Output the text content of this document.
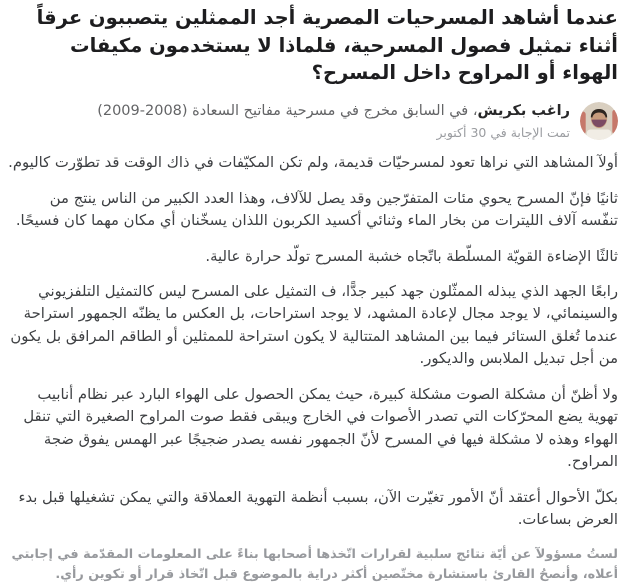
عندما أشاهد المسرحيات المصرية أجد الممثلين يتصببون عرقاً أثناء تمثيل فصول المسرحية، فلماذا لا يستخدمون مكيفات الهواء أو المراوح داخل المسرح؟
راغب بكريش، في السابق مخرج في مسرحية مفاتيح السعادة (2008-2009)
تمت الإجابة في 30 أكتوبر

أولآ المشاهد التي نراها تعود لمسرحيّات قديمة، ولم تكن المكيّفات في ذاك الوقت قد تطوّرت كاليوم.

ثانيًا فإنّ المسرح يحوي مئات المتفرّجين وقد يصل للآلاف، وهذا العدد الكبير من الناس ينتج من تنفّسه آلاف الليترات من بخار الماء وثنائي أكسيد الكربون اللذان يسخّنان أي مكان مهما كان فسيحًا.

ثالثًا الإضاءة القويّة المسلّطة باتّجاه خشبة المسرح تولّد حرارة عالية.

رابعًا الجهد الذي يبذله الممثّلون جهد كبير جدًّا، ف التمثيل على المسرح ليس كالتمثيل التلفزيوني والسينمائي، لا يوجد مجال لإعادة المشهد، لا يوجد استراحات، بل العكس ما يظنّه الجمهور استراحة عندما تُغلق الستائر فيما بين المشاهد المتتالية لا يكون استراحة للممثلين أو الطاقم المرافق بل يكون من أجل تبديل الملابس والديكور.

ولا أظنّ أن مشكلة الصوت مشكلة كبيرة، حيث يمكن الحصول على الهواء البارد عبر نظام أنابيب تهوية يضع المحرّكات التي تصدر الأصوات في الخارج ويبقى فقط صوت المراوح الصغيرة التي تنقل الهواء وهذه لا مشكلة فيها في المسرح لأنّ الجمهور نفسه يصدر ضجيجًا عبر الهمس يفوق ضجة المراوح.

بكلّ الأحوال أعتقد أنّ الأمور تغيّرت الآن، بسبب أنظمة التهوية العملاقة والتي يمكن تشغيلها قبل بدء العرض بساعات.

لستُ مسؤولآ عن أيّة نتائج سلبية لقرارات اتّخذها أصحابها بناءً على المعلومات المقدّمة في إجابتي أعلاه، وأنصحُ القارئ باستشارة مختّصين أكثر دراية بالموضوع قبل اتّخاذ قرار أو تكوين رأي.
